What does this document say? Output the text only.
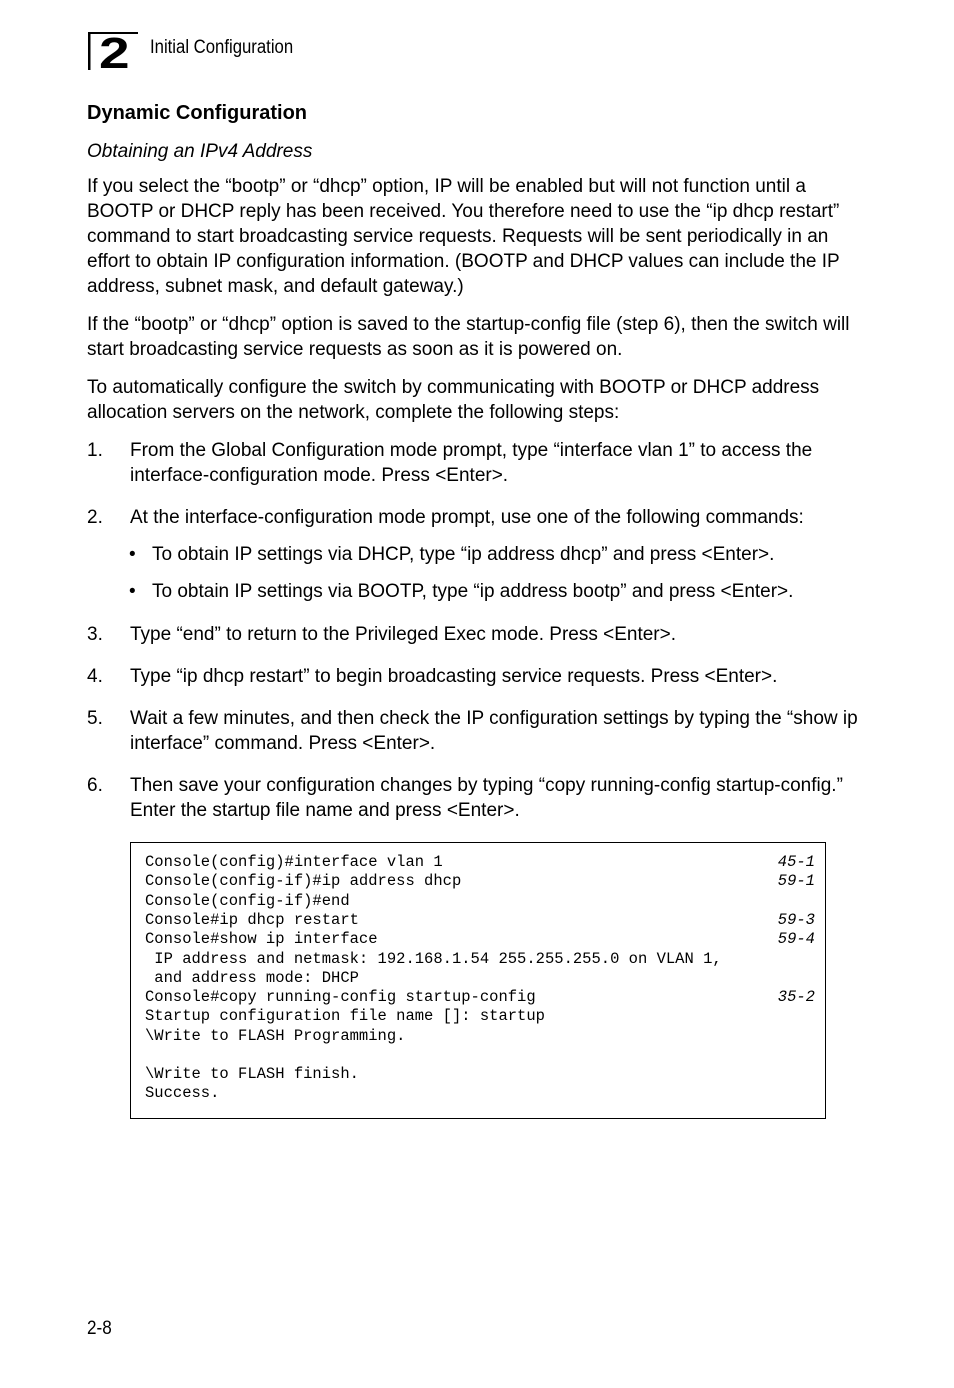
2	Initial Configuration
Dynamic Configuration
Obtaining an IPv4 Address

If you select the “bootp” or “dhcp” option, IP will be enabled but will not function until a BOOTP or DHCP reply has been received. You therefore need to use the “ip dhcp restart” command to start broadcasting service requests. Requests will be sent periodically in an effort to obtain IP configuration information. (BOOTP and DHCP values can include the IP address, subnet mask, and default gateway.)

If the “bootp” or “dhcp” option is saved to the startup-config file (step 6), then the switch will start broadcasting service requests as soon as it is powered on.

To automatically configure the switch by communicating with BOOTP or DHCP address allocation servers on the network, complete the following steps:

1. From the Global Configuration mode prompt, type “interface vlan 1” to access the interface-configuration mode. Press <Enter>.
2. At the interface-configuration mode prompt, use one of the following commands:
• To obtain IP settings via DHCP, type “ip address dhcp” and press <Enter>.
• To obtain IP settings via BOOTP, type “ip address bootp” and press <Enter>.
3. Type “end” to return to the Privileged Exec mode. Press <Enter>.
4. Type “ip dhcp restart” to begin broadcasting service requests. Press <Enter>.
5. Wait a few minutes, and then check the IP configuration settings by typing the “show ip interface” command. Press <Enter>.
6. Then save your configuration changes by typing “copy running-config startup-config.” Enter the startup file name and press <Enter>.
Console(config)#interface vlan 1	45-1
Console(config-if)#ip address dhcp	59-1
Console(config-if)#end
Console#ip dhcp restart	59-3
Console#show ip interface	59-4
IP address and netmask: 192.168.1.54 255.255.255.0 on VLAN 1,
and address mode: DHCP
Console#copy running-config startup-config	35-2
Startup configuration file name []: startup
\Write to FLASH Programming.
\Write to FLASH finish.
Success.
2-8
